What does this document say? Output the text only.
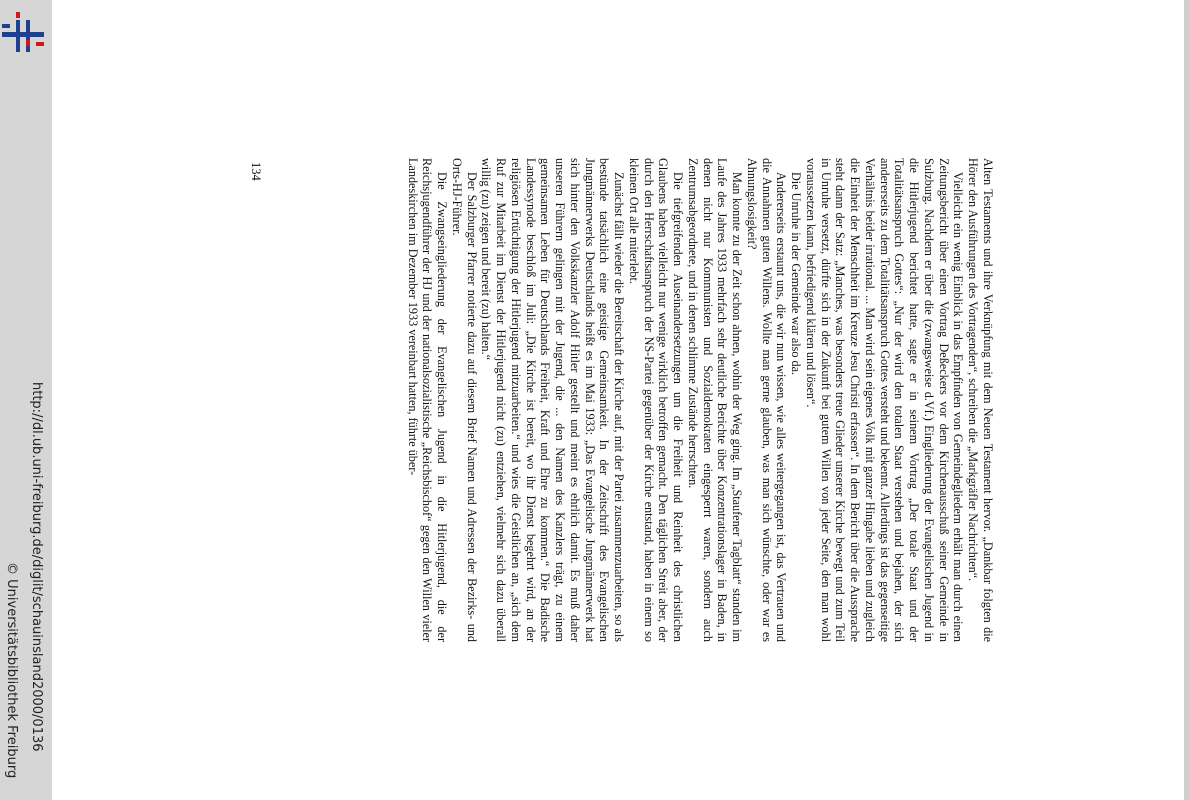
http://dl.ub.uni-freiburg.de/diglit/schauinsland2000/0136
© Universitätsbibliothek Freiburg

Alten Testaments und ihre Verknüpfung mit dem Neuen Testament hervor. „Dankbar folgten die Hörer den Ausführungen des Vortragenden“, schreiben die „Markgräfler Nachrichten“.

Vielleicht ein wenig Einblick in das Empfinden von Gemeindegliedern erhält man durch einen Zeitungsbericht über einen Vortrag Deßeckers vor dem Kirchenausschuß seiner Gemeinde in Sulzburg. Nachdem er über die (zwangsweise d.Vf.) Eingliederung der Evangelischen Jugend in die Hitlerjugend berichtet hatte, sagte er in seinem Vortrag „Der totale Staat und der Totalitätsanspruch Gottes“: „Nur der wird den totalen Staat verstehen und bejahen, der sich andererseits zu dem Totalitätsanspruch Gottes versteht und bekennt. Allerdings ist das gegenseitige Verhältnis beider irrational. ... Man wird sein eigenes Volk mit ganzer Hingabe lieben und zugleich die Einheit der Menschheit im Kreuze Jesu Christi erfassen“. In dem Bericht über die Aussprache steht dann der Satz: „Manches, was besonders treue Glieder unserer Kirche bewegt und zum Teil in Unruhe versetzt, dürfte sich in der Zukunft bei gutem Willen von jeder Seite, den man wohl voraussetzen kann, befriedigend klären und lösen“.

Die Unruhe in der Gemeinde war also da.

Andererseits erstaunt uns, die wir nun wissen, wie alles weitergegangen ist, das Vertrauen und die Annahmen guten Willens. Wollte man gerne glauben, was man sich wünschte, oder war es Ahnungslosigkeit?

Man konnte zu der Zeit schon ahnen, wohin der Weg ging. Im „Staufener Tagblatt“ standen im Laufe des Jahres 1933 mehrfach sehr deutliche Berichte über Konzentrationslager in Baden, in denen nicht nur Kommunisten und Sozialdemokraten eingesperrt waren, sondern auch Zentrumsabgeordnete, und in denen schlimme Zustände herrschten.

Die tiefgreifenden Auseinandersetzungen um die Freiheit und Reinheit des christlichen Glaubens haben vielleicht nur wenige wirklich betroffen gemacht. Den täglichen Streit aber, der durch den Herrschaftsanspruch der NS-Partei gegenüber der Kirche entstand, haben in einem so kleinen Ort alle miterlebt.

Zunächst fällt wieder die Bereitschaft der Kirche auf, mit der Partei zusammenzuarbeiten, so als bestünde tatsächlich eine geistige Gemeinsamkeit. In der Zeitschrift des Evangelischen Jungmännerwerks Deutschlands heißt es im Mai 1933: „Das Evangelische Jungmännerwerk hat sich hinter den Volkskanzler Adolf Hitler gestellt und meint es ehrlich damit. Es muß daher unseren Führern gelingen mit der Jugend, die ... den Namen des Kanzlers trägt, zu einem gemeinsamen Leben für Deutschlands Freiheit, Kraft und Ehre zu kommen.“ Die Badische Landessynode beschloß im Juli: „Die Kirche ist bereit, wo ihr Dienst begehrt wird, an der religiösen Ertüchtigung der Hitlerjugend mitzuarbeiten.“ und wies die Geistlichen an, „sich dem Ruf zur Mitarbeit im Dienst der Hitlerjugend nicht (zu) entziehen, vielmehr sich dazu überall willig (zu) zeigen und bereit (zu) halten.“

Der Salzburger Pfarrer notierte dazu auf diesem Brief Namen und Adressen der Bezirks- und Orts-HJ-Führer.

Die Zwangseingliederung der Evangelischen Jugend in die Hitlerjugend, die der Reichsjugendführer der HJ und der nationalsozialistische „Reichsbischof“ gegen den Willen vieler Landeskirchen im Dezember 1933 vereinbart hatten, führte über-

134
